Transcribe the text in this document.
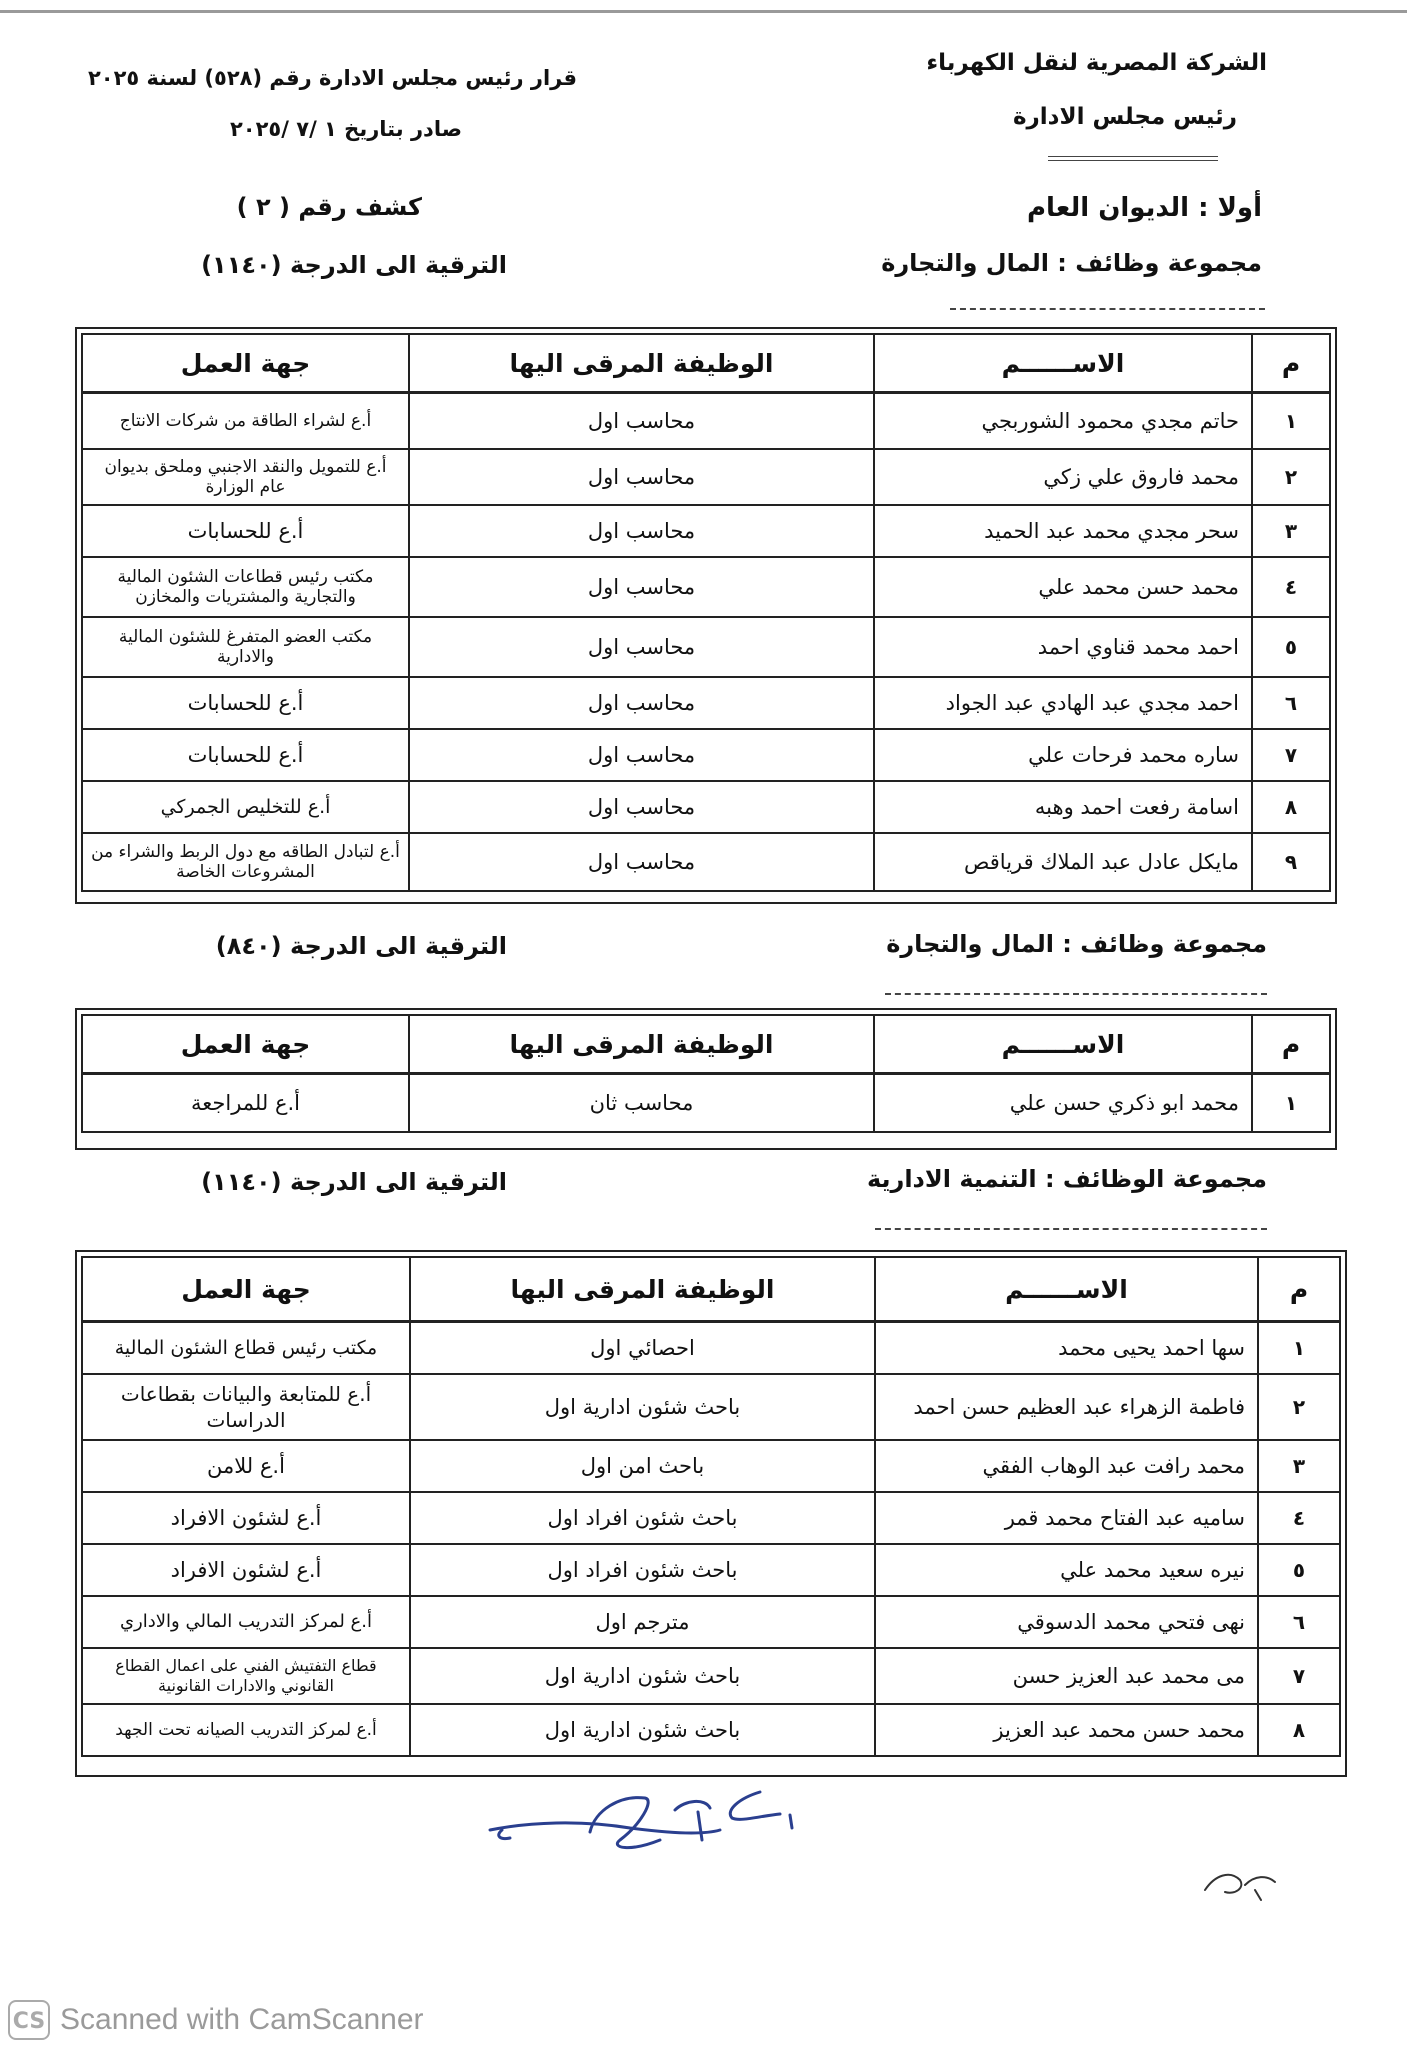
الشركة المصرية لنقل الكهرباء
رئيس مجلس الادارة
قرار رئيس مجلس الادارة رقم (٥٢٨) لسنة ٢٠٢٥
صادر بتاريخ ١ /٧ /٢٠٢٥
أولا : الديوان العام
كشف رقم ( ٢ )
مجموعة وظائف : المال والتجارة
الترقية الى الدرجة (١١٤٠)
م	الاســــــم	الوظيفة المرقى اليها	جهة العمل
١	حاتم مجدي محمود الشوربجي	محاسب اول	أ.ع لشراء الطاقة من شركات الانتاج
٢	محمد فاروق علي زكي	محاسب اول	أ.ع للتمويل والنقد الاجنبي وملحق بديوان عام الوزارة
٣	سحر مجدي محمد عبد الحميد	محاسب اول	أ.ع للحسابات
٤	محمد حسن محمد علي	محاسب اول	مكتب رئيس قطاعات الشئون المالية والتجارية والمشتريات والمخازن
٥	احمد محمد قناوي احمد	محاسب اول	مكتب العضو المتفرغ للشئون المالية والادارية
٦	احمد مجدي عبد الهادي عبد الجواد	محاسب اول	أ.ع للحسابات
٧	ساره محمد فرحات علي	محاسب اول	أ.ع للحسابات
٨	اسامة رفعت احمد وهبه	محاسب اول	أ.ع للتخليص الجمركي
٩	مايكل عادل عبد الملاك قرياقص	محاسب اول	أ.ع لتبادل الطاقه مع دول الربط والشراء من المشروعات الخاصة
مجموعة وظائف : المال والتجارة
الترقية الى الدرجة (٨٤٠)
م	الاســــــم	الوظيفة المرقى اليها	جهة العمل
١	محمد ابو ذكري حسن علي	محاسب ثان	أ.ع للمراجعة
مجموعة الوظائف : التنمية الادارية
الترقية الى الدرجة (١١٤٠)
م	الاســــــم	الوظيفة المرقى اليها	جهة العمل
١	سها احمد يحيى محمد	احصائي اول	مكتب رئيس قطاع الشئون المالية
٢	فاطمة الزهراء عبد العظيم حسن احمد	باحث شئون ادارية اول	أ.ع للمتابعة والبيانات بقطاعات الدراسات
٣	محمد رافت عبد الوهاب الفقي	باحث امن اول	أ.ع للامن
٤	ساميه عبد الفتاح محمد قمر	باحث شئون افراد اول	أ.ع لشئون الافراد
٥	نيره سعيد محمد علي	باحث شئون افراد اول	أ.ع لشئون الافراد
٦	نهى فتحي محمد الدسوقي	مترجم اول	أ.ع لمركز التدريب المالي والاداري
٧	مى محمد عبد العزيز حسن	باحث شئون ادارية اول	قطاع التفتيش الفني على اعمال القطاع القانوني والادارات القانونية
٨	محمد حسن محمد عبد العزيز	باحث شئون ادارية اول	أ.ع لمركز التدريب الصيانه تحت الجهد
CS Scanned with CamScanner
